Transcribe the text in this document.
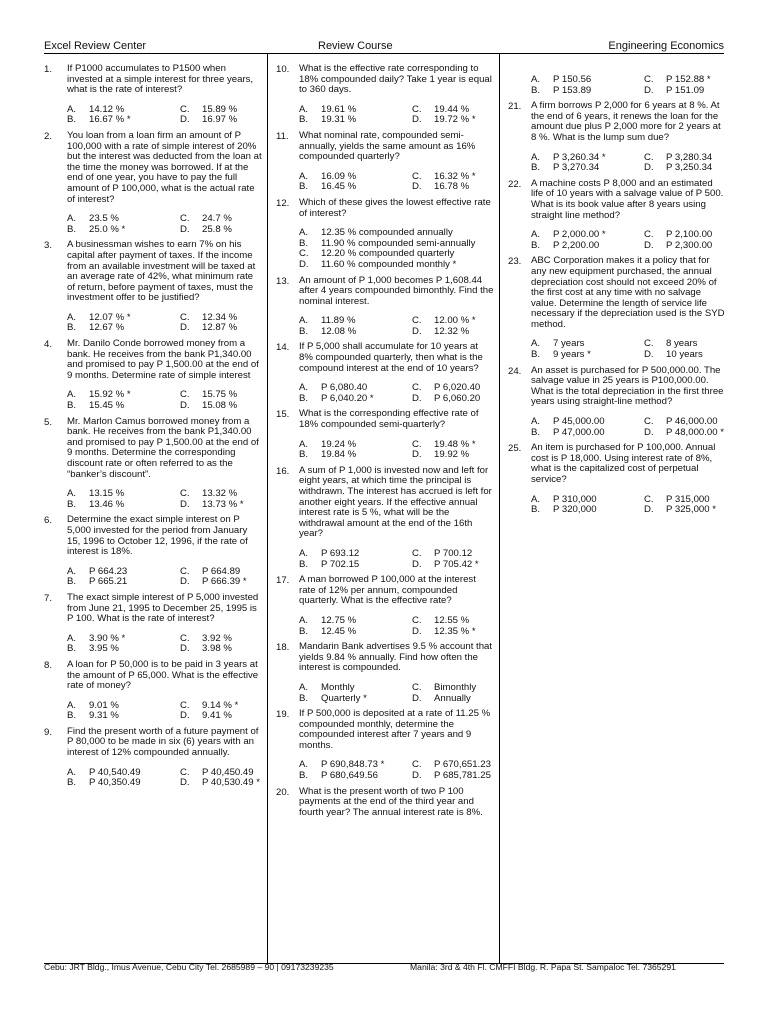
Excel Review Center	Review Course	Engineering Economics
1. If P1000 accumulates to P1500 when invested at a simple interest for three years, what is the rate of interest?
A.	14.12 %	C.	15.89 %
B.	16.67 % *	D.	16.97 %
2. You loan from a loan firm an amount of P 100,000 with a rate of simple interest of 20% but the interest was deducted from the loan at the time the money was borrowed. If at the end of one year, you have to pay the full amount of P 100,000, what is the actual rate of interest?
A.	23.5 %	C.	24.7 %
B.	25.0 % *	D.	25.8 %
3. A businessman wishes to earn 7% on his capital after payment of taxes. If the income from an available investment will be taxed at an average rate of 42%, what minimum rate of return, before payment of taxes, must the investment offer to be justified?
A.	12.07 % *	C.	12.34 %
B.	12.67 %	D.	12.87 %
4. Mr. Danilo Conde borrowed money from a bank. He receives from the bank P1,340.00 and promised to pay P 1,500.00 at the end of 9 months. Determine rate of simple interest
A.	15.92 % *	C.	15.75 %
B.	15.45 %	D.	15.08 %
5. Mr. Marlon Camus borrowed money from a bank. He receives from the bank P1,340.00 and promised to pay P 1,500.00 at the end of 9 months. Determine the corresponding discount rate or often referred to as the “banker’s discount”.
A.	13.15 %	C.	13.32 %
B.	13.46 %	D.	13.73 % *
6. Determine the exact simple interest on P 5,000 invested for the period from January 15, 1996 to October 12, 1996, if the rate of interest is 18%.
A.	P 664.23	C.	P 664.89
B.	P 665.21	D.	P 666.39 *
7. The exact simple interest of P 5,000 invested from June 21, 1995 to December 25, 1995 is P 100. What is the rate of interest?
A.	3.90 % *	C.	3.92 %
B.	3.95 %	D.	3.98 %
8. A loan for P 50,000 is to be paid in 3 years at the amount of P 65,000. What is the effective rate of money?
A.	9.01 %	C.	9.14 % *
B.	9.31 %	D.	9.41 %
9. Find the present worth of a future payment of P 80,000 to be made in six (6) years with an interest of 12% compounded annually.
A.	P 40,540.49	C.	P 40,450.49
B.	P 40,350.49	D.	P 40,530.49 *
10. What is the effective rate corresponding to 18% compounded daily? Take 1 year is equal to 360 days.
A.	19.61 %	C.	19.44 %
B.	19.31 %	D.	19.72 % *
11. What nominal rate, compounded semi-annually, yields the same amount as 16% compounded quarterly?
A.	16.09 %	C.	16.32 % *
B.	16.45 %	D.	16.78 %
12. Which of these gives the lowest effective rate of interest?
A.	12.35 % compounded annually
B.	11.90 % compounded semi-annually
C.	12.20 % compounded quarterly
D.	11.60 % compounded monthly *
13. An amount of P 1,000 becomes P 1,608.44 after 4 years compounded bimonthly. Find the nominal interest.
A.	11.89 %	C.	12.00 % *
B.	12.08 %	D.	12.32 %
14. If P 5,000 shall accumulate for 10 years at 8% compounded quarterly, then what is the compound interest at the end of 10 years?
A.	P 6,080.40	C.	P 6,020.40
B.	P 6,040.20 *	D.	P 6,060.20
15. What is the corresponding effective rate of 18% compounded semi-quarterly?
A.	19.24 %	C.	19.48 % *
B.	19.84 %	D.	19.92 %
16. A sum of P 1,000 is invested now and left for eight years, at which time the principal is withdrawn. The interest has accrued is left for another eight years. If the effective annual interest rate is 5 %, what will be the withdrawal amount at the end of the 16th year?
A.	P 693.12	C.	P 700.12
B.	P 702.15	D.	P 705.42 *
17. A man borrowed P 100,000 at the interest rate of 12% per annum, compounded quarterly. What is the effective rate?
A.	12.75 %	C.	12.55 %
B.	12.45 %	D.	12.35 % *
18. Mandarin Bank advertises 9.5 % account that yields 9.84 % annually. Find how often the interest is compounded.
A.	Monthly	C.	Bimonthly
B.	Quarterly *	D.	Annually
19. If P 500,000 is deposited at a rate of 11.25 % compounded monthly, determine the compounded interest after 7 years and 9 months.
A.	P 690,848.73 *	C.	P 670,651.23
B.	P 680,649.56	D.	P 685,781.25
20. What is the present worth of two P 100 payments at the end of the third year and fourth year? The annual interest rate is 8%.
A.	P 150.56	C.	P 152.88 *
B.	P 153.89	D.	P 151.09
21. A firm borrows P 2,000 for 6 years at 8 %. At the end of 6 years, it renews the loan for the amount due plus P 2,000 more for 2 years at 8 %. What is the lump sum due?
A.	P 3,260.34 *	C.	P 3,280.34
B.	P 3,270.34	D.	P 3,250.34
22. A machine costs P 8,000 and an estimated life of 10 years with a salvage value of P 500. What is its book value after 8 years using straight line method?
A.	P 2,000.00 *	C.	P 2,100.00
B.	P 2,200.00	D.	P 2,300.00
23. ABC Corporation makes it a policy that for any new equipment purchased, the annual depreciation cost should not exceed 20% of the first cost at any time with no salvage value. Determine the length of service life necessary if the depreciation used is the SYD method.
A.	7 years	C.	8 years
B.	9 years *	D.	10 years
24. An asset is purchased for P 500,000.00. The salvage value in 25 years is P100,000.00. What is the total depreciation in the first three years using straight-line method?
A.	P 45,000.00	C.	P 46,000.00
B.	P 47,000.00	D.	P 48,000.00 *
25. An item is purchased for P 100,000. Annual cost is P 18,000. Using interest rate of 8%, what is the capitalized cost of perpetual service?
A.	P 310,000	C.	P 315,000
B.	P 320,000	D.	P 325,000 *
Cebu: JRT Bldg., Imus Avenue, Cebu City Tel. 2685989 – 90 | 09173239235	Manila: 3rd & 4th Fl. CMFFI Bldg. R. Papa St. Sampaloc Tel. 7365291
